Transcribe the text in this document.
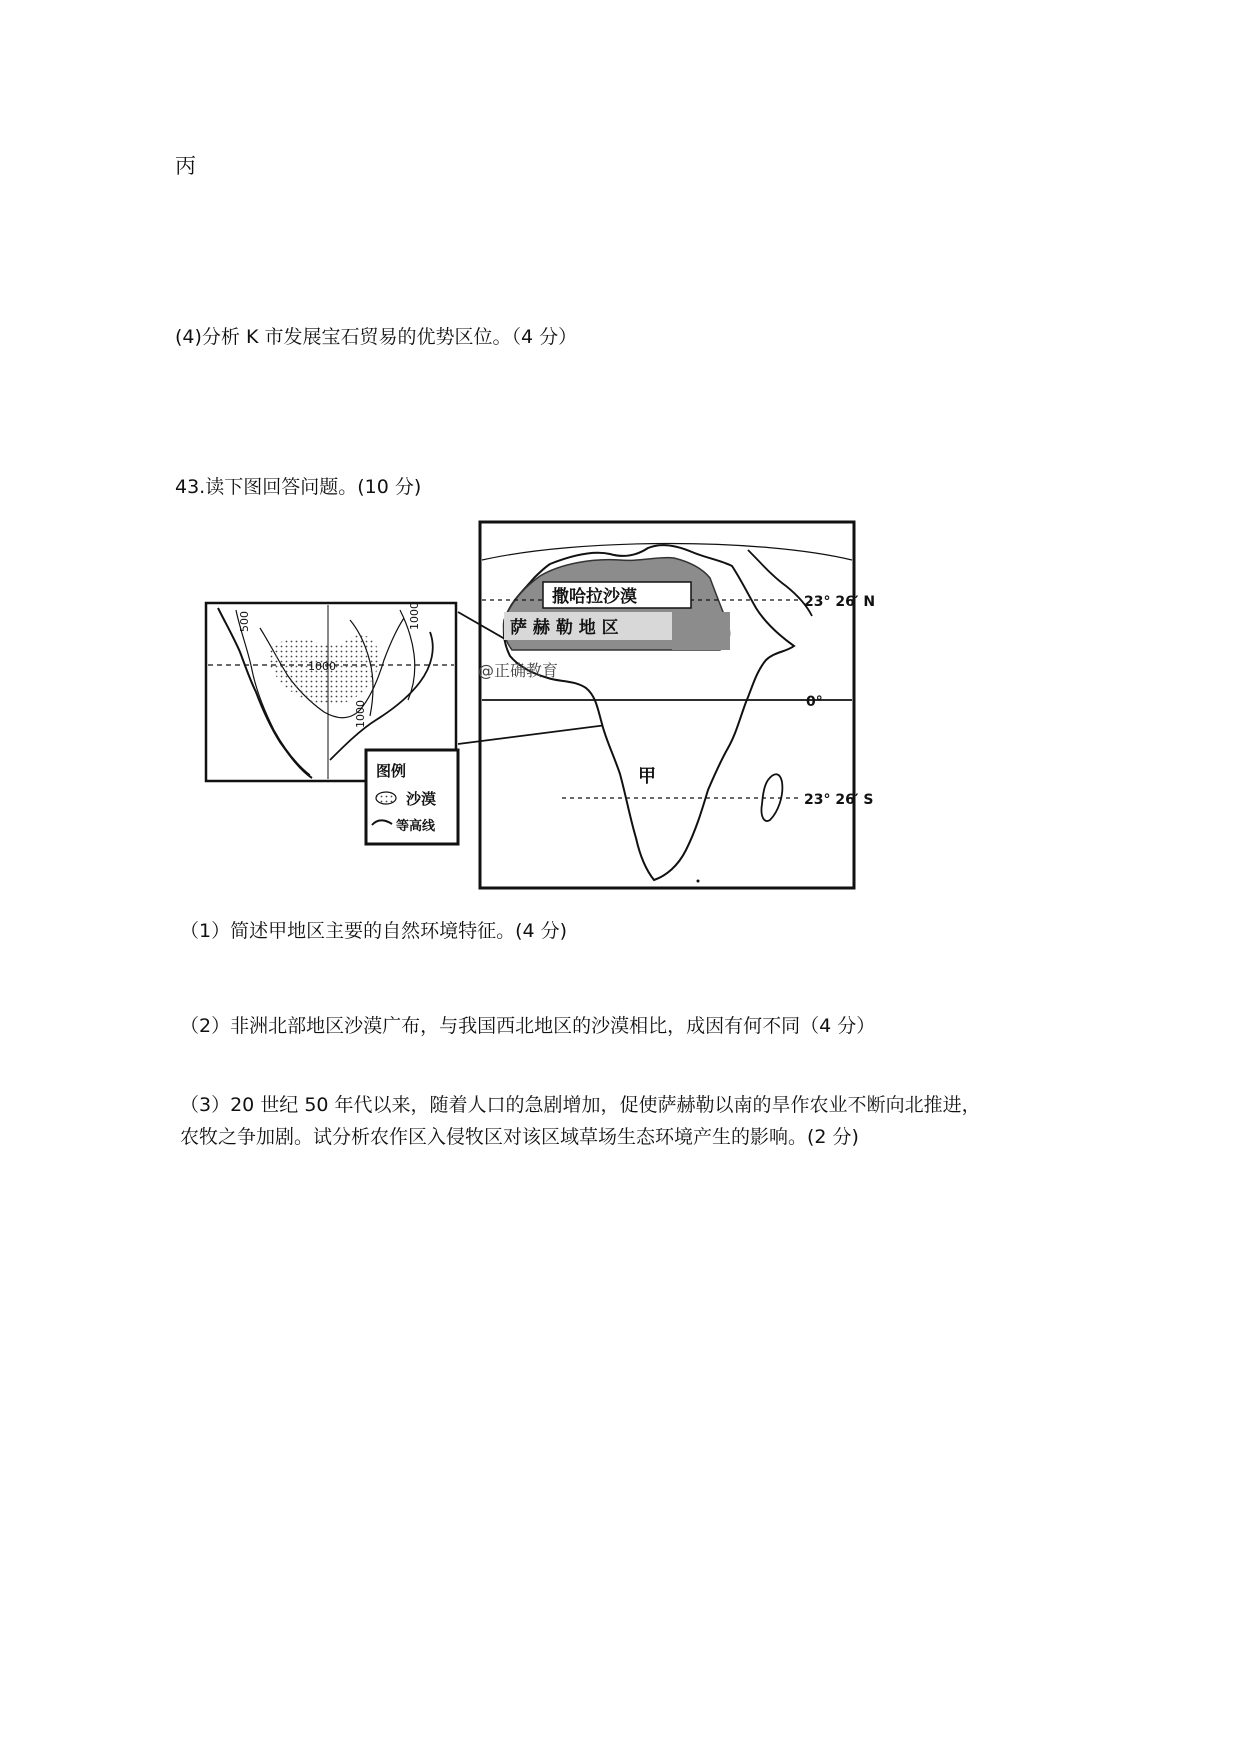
丙
(4)分析 K 市发展宝石贸易的优势区位。（4 分）
43.读下图回答问题。(10 分)
500
1000
1000
1000
图例
沙漠
等高线
撒哈拉沙漠
萨 赫 勒 地 区
@正确教育
23° 26′ N
0°
23° 26′ S
甲
（1）简述甲地区主要的自然环境特征。(4 分)
（2）非洲北部地区沙漠广布，与我国西北地区的沙漠相比，成因有何不同（4 分）
（3）20 世纪 50 年代以来，随着人口的急剧增加，促使萨赫勒以南的旱作农业不断向北推进，
农牧之争加剧。试分析农作区入侵牧区对该区域草场生态环境产生的影响。(2 分)
